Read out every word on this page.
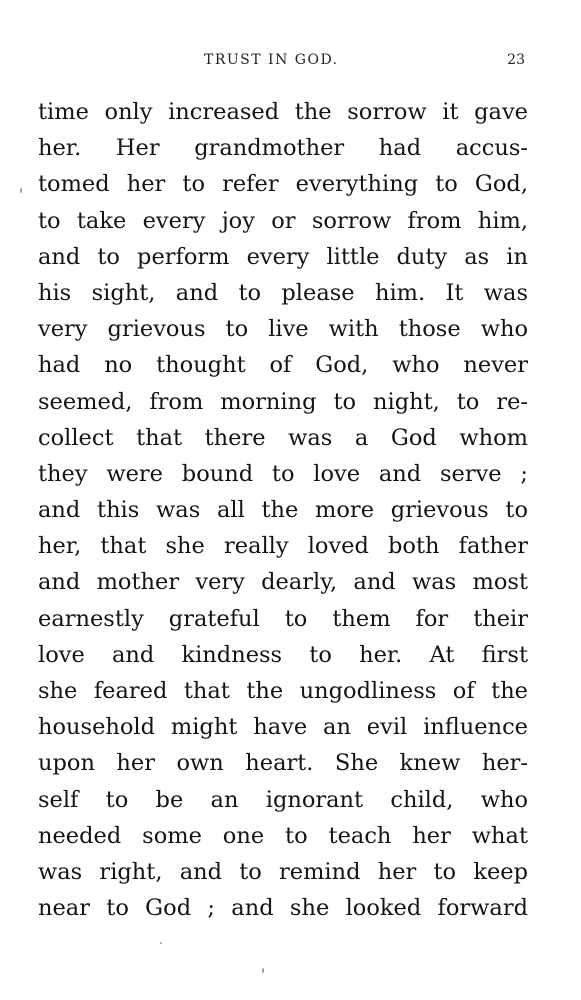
TRUST IN GOD.	23
time only increased the sorrow it gave
her. Her grandmother had accus-
tomed her to refer everything to God,
to take every joy or sorrow from him,
and to perform every little duty as in
his sight, and to please him. It was
very grievous to live with those who
had no thought of God, who never
seemed, from morning to night, to re-
collect that there was a God whom
they were bound to love and serve ;
and this was all the more grievous to
her, that she really loved both father
and mother very dearly, and was most
earnestly grateful to them for their
love and kindness to her. At first
she feared that the ungodliness of the
household might have an evil influence
upon her own heart. She knew her-
self to be an ignorant child, who
needed some one to teach her what
was right, and to remind her to keep
near to God ; and she looked forward
